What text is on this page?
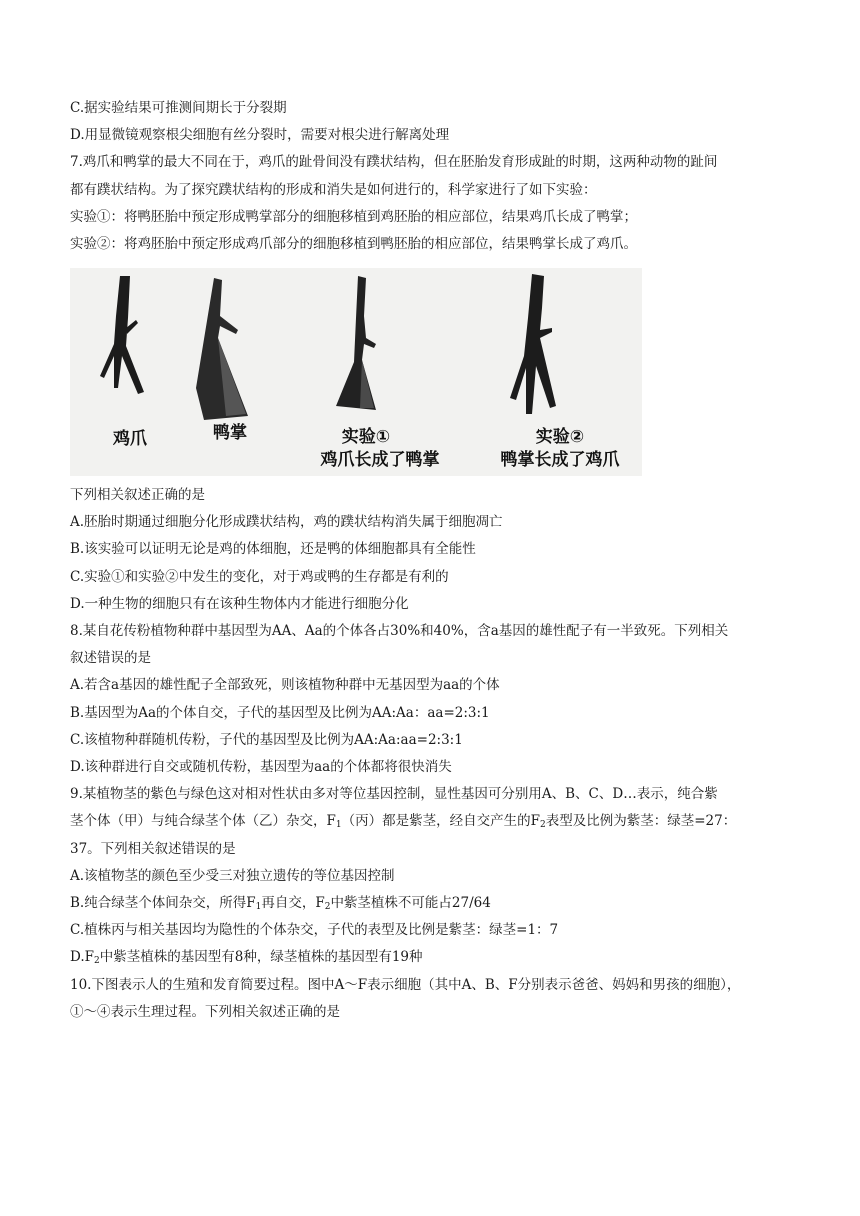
C.据实验结果可推测间期长于分裂期
D.用显微镜观察根尖细胞有丝分裂时，需要对根尖进行解离处理
7.鸡爪和鸭掌的最大不同在于，鸡爪的趾骨间没有蹼状结构，但在胚胎发育形成趾的时期，这两种动物的趾间
都有蹼状结构。为了探究蹼状结构的形成和消失是如何进行的，科学家进行了如下实验：
实验①：将鸭胚胎中预定形成鸭掌部分的细胞移植到鸡胚胎的相应部位，结果鸡爪长成了鸭掌；
实验②：将鸡胚胎中预定形成鸡爪部分的细胞移植到鸭胚胎的相应部位，结果鸭掌长成了鸡爪。
鸡爪	鸭掌	实验①
鸡爪长成了鸭掌
实验②
鸭掌长成了鸡爪
下列相关叙述正确的是
A.胚胎时期通过细胞分化形成蹼状结构，鸡的蹼状结构消失属于细胞凋亡
B.该实验可以证明无论是鸡的体细胞，还是鸭的体细胞都具有全能性
C.实验①和实验②中发生的变化，对于鸡或鸭的生存都是有利的
D.一种生物的细胞只有在该种生物体内才能进行细胞分化
8.某自花传粉植物种群中基因型为AA、Aa的个体各占30%和40%，含a基因的雄性配子有一半致死。下列相关
叙述错误的是
A.若含a基因的雄性配子全部致死，则该植物种群中无基因型为aa的个体
B.基因型为Aa的个体自交，子代的基因型及比例为AA:Aa：aa=2:3:1
C.该植物种群随机传粉，子代的基因型及比例为AA:Aa:aa=2:3:1
D.该种群进行自交或随机传粉，基因型为aa的个体都将很快消失
9.某植物茎的紫色与绿色这对相对性状由多对等位基因控制，显性基因可分别用A、B、C、D…表示，纯合紫
茎个体（甲）与纯合绿茎个体（乙）杂交，$F_1$（丙）都是紫茎，经自交产生的$F_2$表型及比例为紫茎：绿茎=27：
37。下列相关叙述错误的是
A.该植物茎的颜色至少受三对独立遗传的等位基因控制
B.纯合绿茎个体间杂交，所得$F_1$再自交，$F_2$中紫茎植株不可能占27/64
C.植株丙与相关基因均为隐性的个体杂交，子代的表型及比例是紫茎：绿茎=1：7
$D.F_2$中紫茎植株的基因型有8种，绿茎植株的基因型有19种
10.下图表示人的生殖和发育简要过程。图中A～F表示细胞（其中A、B、F分别表示爸爸、妈妈和男孩的细胞），
①～④表示生理过程。下列相关叙述正确的是
